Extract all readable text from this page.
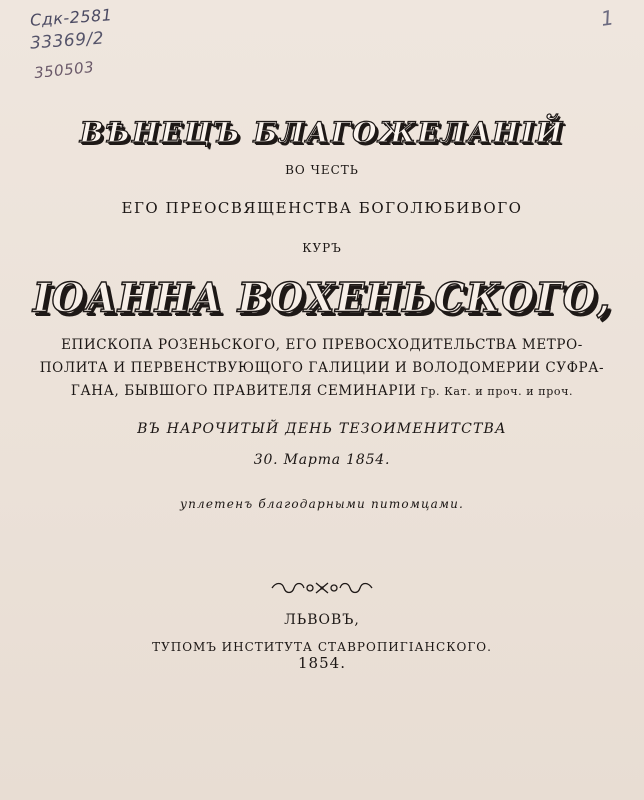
Сдк-2581
33369/2
350503
1
ВѢНЕЦЪ БЛАГОЖЕЛАНІЙ
ВО ЧЕСТЬ
ЕГО ПРЕОСВЯЩЕНСТВА БОГОЛЮБИВОГО
КУРЪ
ІОАННА ВОХЕНЬСКОГО,
ЕПИСКОПА РОЗЕНЬСКОГО, ЕГО ПРЕВОСХОДИТЕЛЬСТВА МЕТРО-
ПОЛИТА И ПЕРВЕНСТВУЮЩОГО ГАЛИЦИИ И ВОЛОДОМЕРИИ СУФРА-
ГАНА, БЫВШОГО ПРАВИТЕЛЯ СЕМИНАРІИ Гр. Кат. и проч. и проч.
ВЪ НАРОЧИТЫЙ ДЕНЬ ТЕЗОИМЕНИТСТВА
30. Марта 1854.
уплетенъ благодарными питомцами.
ЛЬВОВЪ,
ТУПОМЪ ИНСТИТУТА СТАВРОПИГІАНСКОГО.
1854.
